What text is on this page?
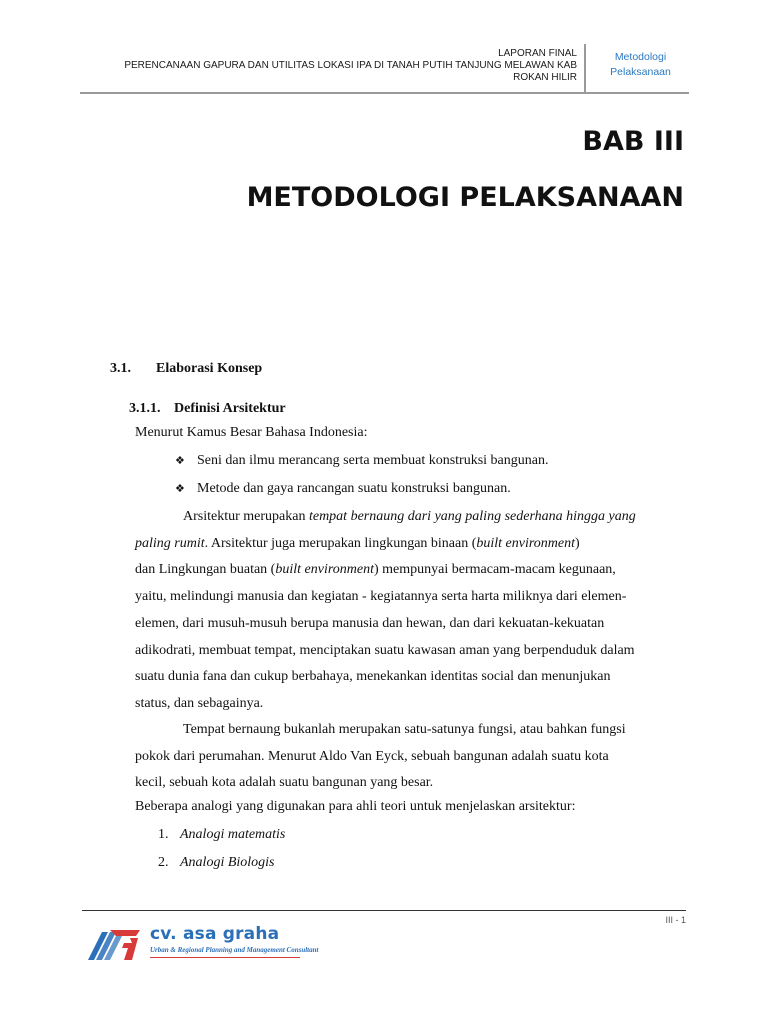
LAPORAN FINAL
PERENCANAAN GAPURA DAN UTILITAS LOKASI IPA DI TANAH PUTIH TANJUNG MELAWAN KAB
ROKAN HILIR
Metodologi
Pelaksanaan
BAB III
METODOLOGI PELAKSANAAN
3.1. Elaborasi Konsep
3.1.1. Definisi Arsitektur
Menurut Kamus Besar Bahasa Indonesia:
❖ Seni dan ilmu merancang serta membuat konstruksi bangunan.
❖ Metode dan gaya rancangan suatu konstruksi bangunan.
Arsitektur merupakan tempat bernaung dari yang paling sederhana hingga yang
paling rumit. Arsitektur juga merupakan lingkungan binaan (built environment)
dan Lingkungan buatan (built environment) mempunyai bermacam-macam kegunaan,
yaitu, melindungi manusia dan kegiatan - kegiatannya serta harta miliknya dari elemen-
elemen, dari musuh-musuh berupa manusia dan hewan, dan dari kekuatan-kekuatan
adikodrati, membuat tempat, menciptakan suatu kawasan aman yang berpenduduk dalam
suatu dunia fana dan cukup berbahaya, menekankan identitas social dan menunjukan
status, dan sebagainya.
Tempat bernaung bukanlah merupakan satu-satunya fungsi, atau bahkan fungsi
pokok dari perumahan. Menurut Aldo Van Eyck, sebuah bangunan adalah suatu kota
kecil, sebuah kota adalah suatu bangunan yang besar.
Beberapa analogi yang digunakan para ahli teori untuk menjelaskan arsitektur:
1. Analogi matematis
2. Analogi Biologis
III - 1
cv. asa graha
Urban & Regional Planning and Management Consultant
